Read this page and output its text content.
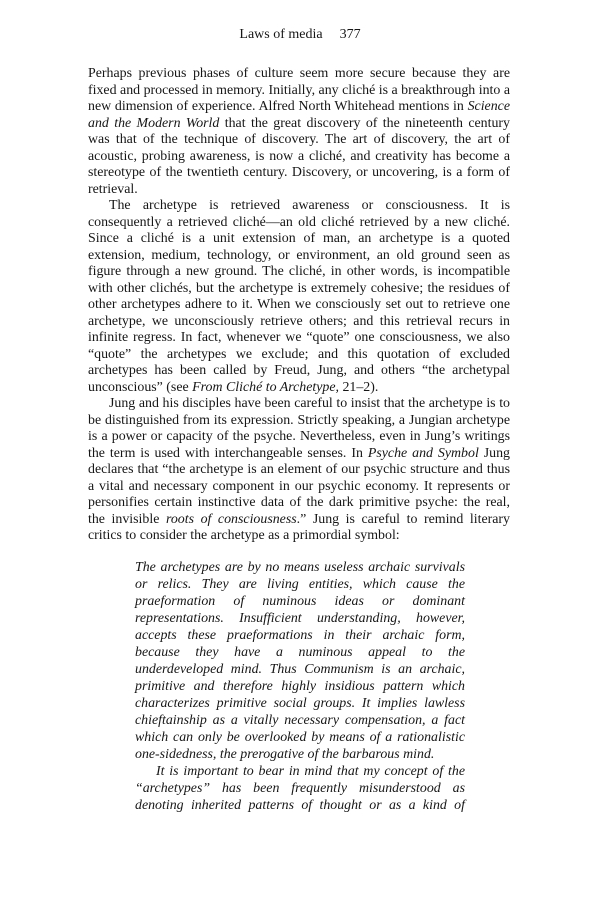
Laws of media 377

Perhaps previous phases of culture seem more secure because they are fixed and processed in memory. Initially, any cliché is a breakthrough into a new dimension of experience. Alfred North Whitehead mentions in Science and the Modern World that the great discovery of the nineteenth century was that of the technique of discovery. The art of discovery, the art of acoustic, probing awareness, is now a cliché, and creativity has become a stereotype of the twentieth century. Discovery, or uncovering, is a form of retrieval.

The archetype is retrieved awareness or consciousness. It is consequently a retrieved cliché—an old cliché retrieved by a new cliché. Since a cliché is a unit extension of man, an archetype is a quoted extension, medium, technology, or environment, an old ground seen as figure through a new ground. The cliché, in other words, is incompatible with other clichés, but the archetype is extremely cohesive; the residues of other archetypes adhere to it. When we consciously set out to retrieve one archetype, we unconsciously retrieve others; and this retrieval recurs in infinite regress. In fact, whenever we “quote” one consciousness, we also “quote” the archetypes we exclude; and this quotation of excluded archetypes has been called by Freud, Jung, and others “the archetypal unconscious” (see From Cliché to Archetype, 21–2).

Jung and his disciples have been careful to insist that the archetype is to be distinguished from its expression. Strictly speaking, a Jungian archetype is a power or capacity of the psyche. Nevertheless, even in Jung’s writings the term is used with interchangeable senses. In Psyche and Symbol Jung declares that “the archetype is an element of our psychic structure and thus a vital and necessary component in our psychic economy. It represents or personifies certain instinctive data of the dark primitive psyche: the real, the invisible roots of consciousness.” Jung is careful to remind literary critics to consider the archetype as a primordial symbol:

The archetypes are by no means useless archaic survivals or relics. They are living entities, which cause the praeformation of numinous ideas or dominant representations. Insufficient understanding, however, accepts these praeformations in their archaic form, because they have a numinous appeal to the underdeveloped mind. Thus Communism is an archaic, primitive and therefore highly insidious pattern which characterizes primitive social groups. It implies lawless chieftainship as a vitally necessary compensation, a fact which can only be overlooked by means of a rationalistic one-sidedness, the prerogative of the barbarous mind.

It is important to bear in mind that my concept of the “archetypes” has been frequently misunderstood as denoting inherited patterns of thought or as a kind of
